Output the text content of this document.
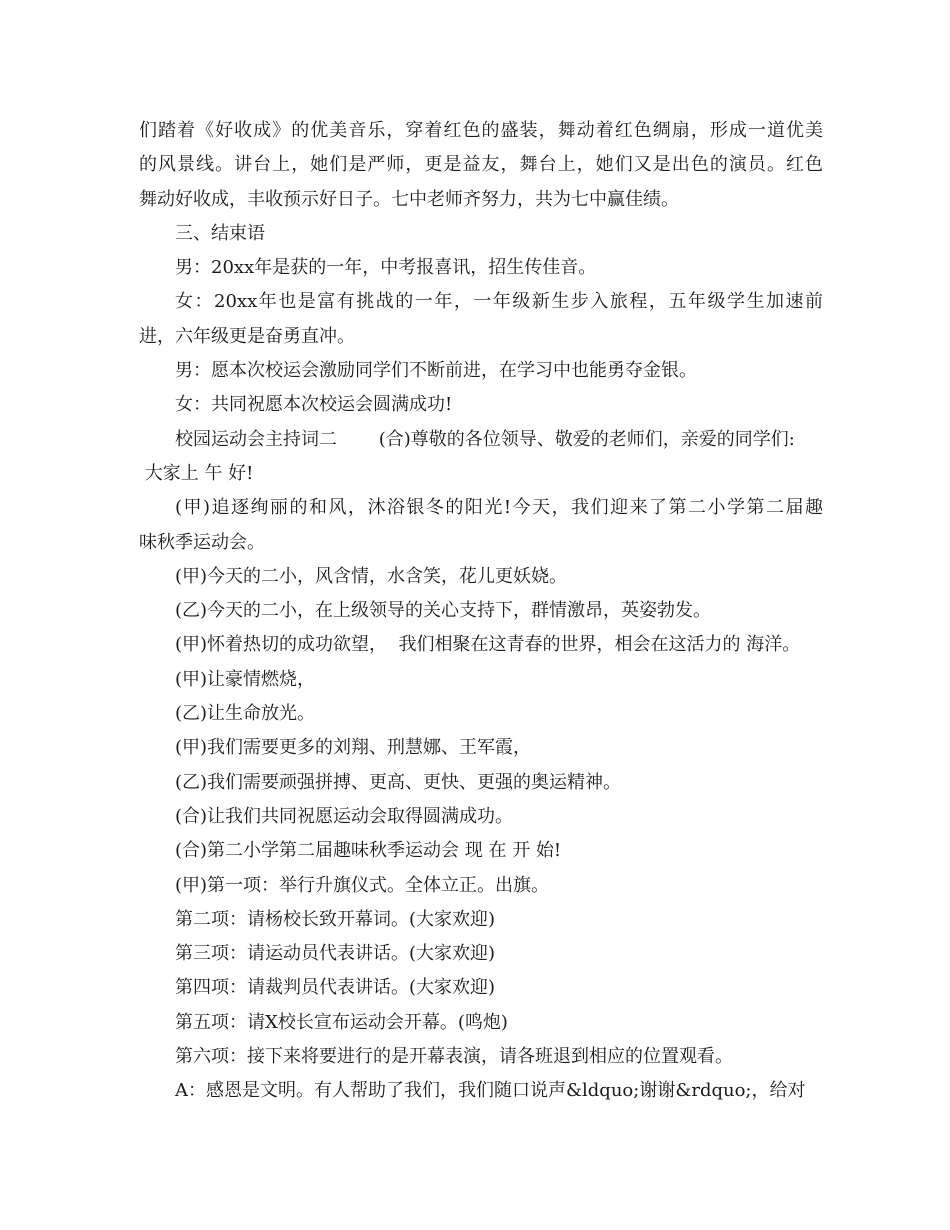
们踏着《好收成》的优美音乐，穿着红色的盛装，舞动着红色绸扇，形成一道优美
的风景线。讲台上，她们是严师，更是益友，舞台上，她们又是出色的演员。红色
舞动好收成，丰收预示好日子。七中老师齐努力，共为七中赢佳绩。
三、结束语
男：20xx年是获的一年，中考报喜讯，招生传佳音。
女：20xx年也是富有挑战的一年，一年级新生步入旅程，五年级学生加速前
进，六年级更是奋勇直冲。
男：愿本次校运会激励同学们不断前进，在学习中也能勇夺金银。
女：共同祝愿本次校运会圆满成功!
校园运动会主持词二　　 (合)尊敬的各位领导、敬爱的老师们，亲爱的同学们:
大家上 午 好!
(甲)追逐绚丽的和风，沐浴银冬的阳光!今天，我们迎来了第二小学第二届趣
味秋季运动会。
(甲)今天的二小，风含情，水含笑，花儿更妖娆。
(乙)今天的二小，在上级领导的关心支持下，群情激昂，英姿勃发。
(甲)怀着热切的成功欲望，  我们相聚在这青春的世界，相会在这活力的 海洋。
(甲)让豪情燃烧，
(乙)让生命放光。
(甲)我们需要更多的刘翔、刑慧娜、王军霞，
(乙)我们需要顽强拼搏、更高、更快、更强的奥运精神。
(合)让我们共同祝愿运动会取得圆满成功。
(合)第二小学第二届趣味秋季运动会 现 在 开 始!
(甲)第一项：举行升旗仪式。全体立正。出旗。
第二项：请杨校长致开幕词。(大家欢迎)
第三项：请运动员代表讲话。(大家欢迎)
第四项：请裁判员代表讲话。(大家欢迎)
第五项：请X校长宣布运动会开幕。(鸣炮)
第六项：接下来将要进行的是开幕表演，请各班退到相应的位置观看。
A：感恩是文明。有人帮助了我们，我们随口说声&ldquo;谢谢&rdquo;，给对
